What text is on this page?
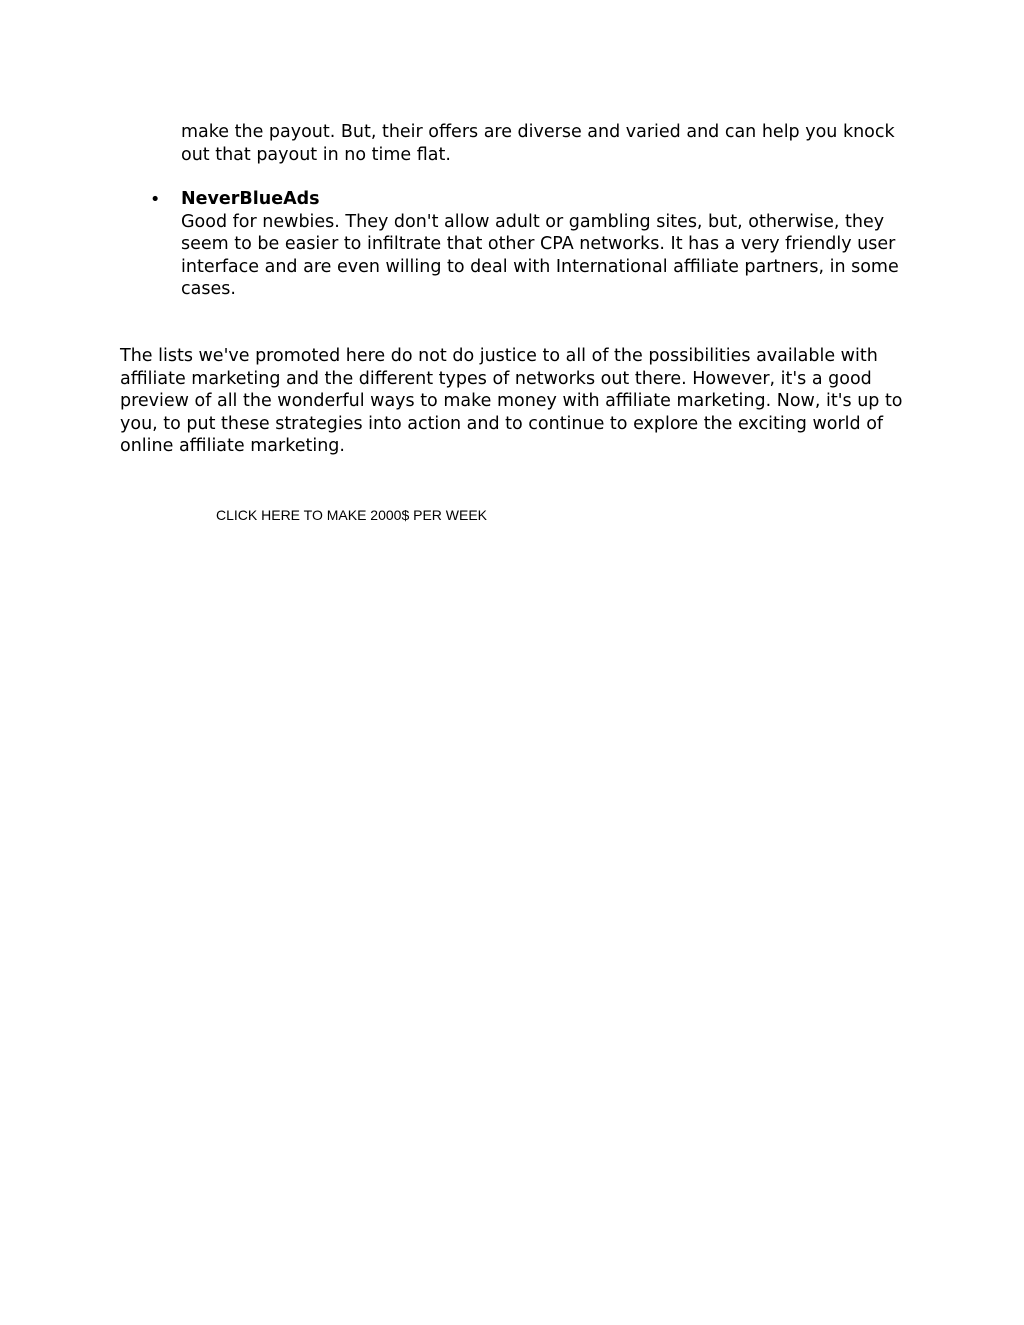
make the payout. But, their offers are diverse and varied and can help you knock out that payout in no time flat.

• NeverBlueAds

Good for newbies. They don't allow adult or gambling sites, but, otherwise, they seem to be easier to infiltrate that other CPA networks. It has a very friendly user interface and are even willing to deal with International affiliate partners, in some cases.

The lists we've promoted here do not do justice to all of the possibilities available with affiliate marketing and the different types of networks out there. However, it's a good preview of all the wonderful ways to make money with affiliate marketing. Now, it's up to you, to put these strategies into action and to continue to explore the exciting world of online affiliate marketing.

CLICK HERE TO MAKE 2000$ PER WEEK
